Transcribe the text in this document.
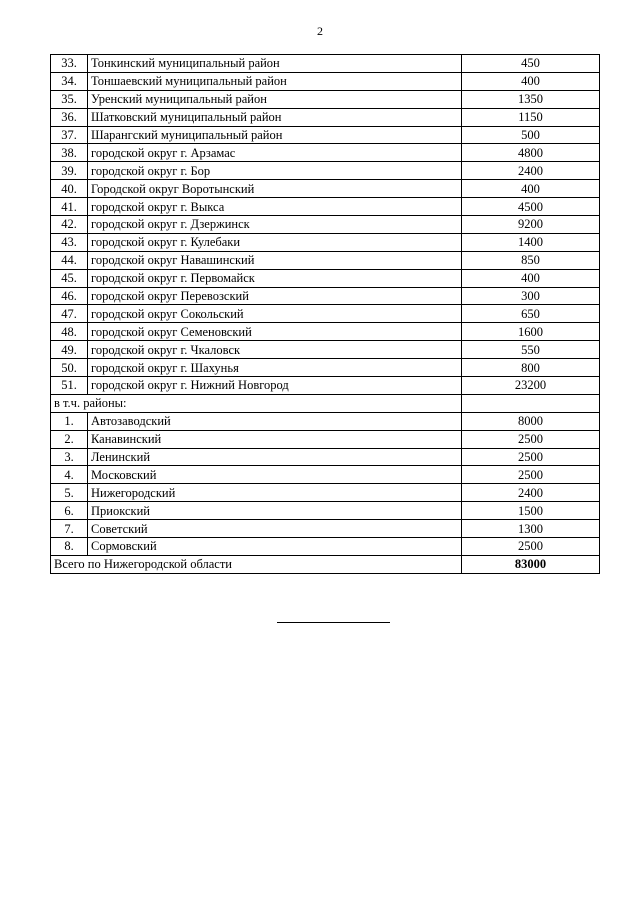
2
33.	Тонкинский муниципальный район	450
34.	Тоншаевский муниципальный район	400
35.	Уренский муниципальный район	1350
36.	Шатковский муниципальный район	1150
37.	Шарангский муниципальный район	500
38.	городской округ г. Арзамас	4800
39.	городской округ г. Бор	2400
40.	Городской округ Воротынский	400
41.	городской округ г. Выкса	4500
42.	городской округ г. Дзержинск	9200
43.	городской округ г. Кулебаки	1400
44.	городской округ Навашинский	850
45.	городской округ г. Первомайск	400
46.	городской округ Перевозский	300
47.	городской округ Сокольский	650
48.	городской округ Семеновский	1600
49.	городской округ г. Чкаловск	550
50.	городской округ г. Шахунья	800
51.	городской округ г. Нижний Новгород	23200
в т.ч. районы:		
1.	Автозаводский	8000
2.	Канавинский	2500
3.	Ленинский	2500
4.	Московский	2500
5.	Нижегородский	2400
6.	Приокский	1500
7.	Советский	1300
8.	Сормовский	2500
Всего по Нижегородской области		83000
